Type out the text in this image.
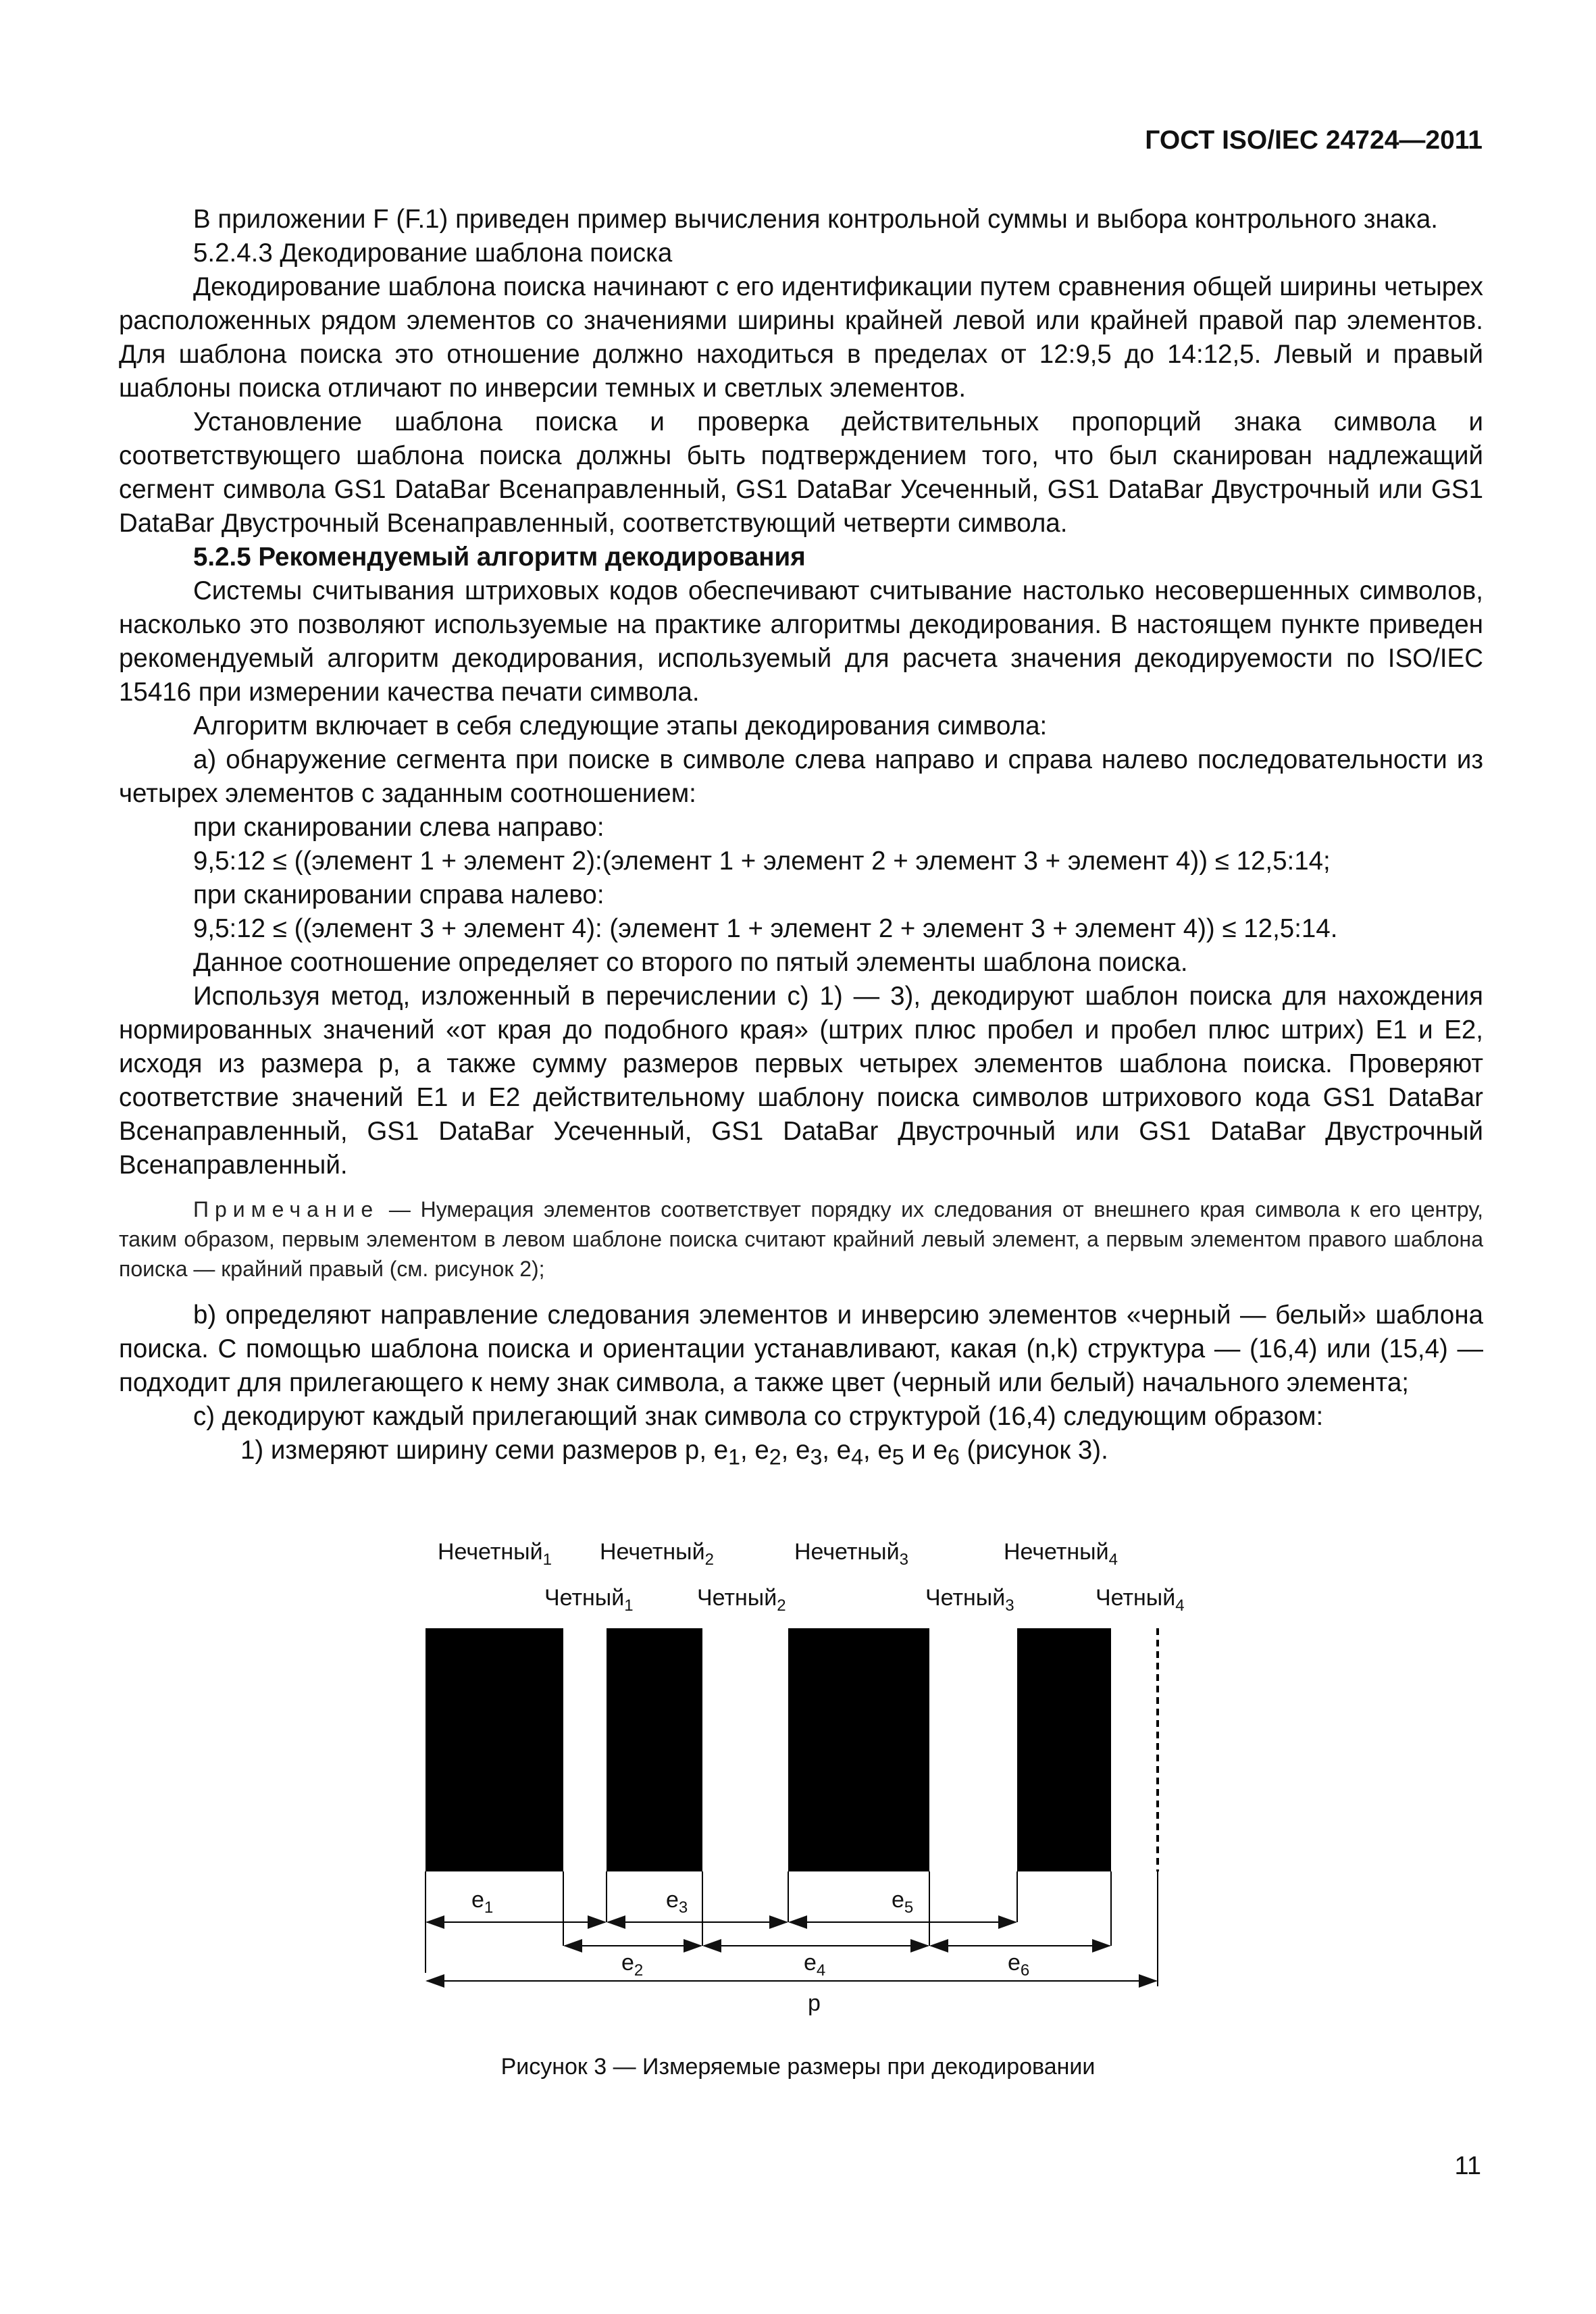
ГОСТ ISO/IEC 24724—2011

В приложении F (F.1) приведен пример вычисления контрольной суммы и выбора контрольного знака.

5.2.4.3 Декодирование шаблона поиска

Декодирование шаблона поиска начинают с его идентификации путем сравнения общей ширины четырех расположенных рядом элементов со значениями ширины крайней левой или крайней правой пар элементов. Для шаблона поиска это отношение должно находиться в пределах от 12:9,5 до 14:12,5. Левый и правый шаблоны поиска отличают по инверсии темных и светлых элементов.

Установление шаблона поиска и проверка действительных пропорций знака символа и соответствующего шаблона поиска должны быть подтверждением того, что был сканирован надлежащий сегмент символа GS1 DataBar Всенаправленный, GS1 DataBar Усеченный, GS1 DataBar Двустрочный или GS1 DataBar Двустрочный Всенаправленный, соответствующий четверти символа.

5.2.5 Рекомендуемый алгоритм декодирования

Системы считывания штриховых кодов обеспечивают считывание настолько несовершенных символов, насколько это позволяют используемые на практике алгоритмы декодирования. В настоящем пункте приведен рекомендуемый алгоритм декодирования, используемый для расчета значения декодируемости по ISO/IEC 15416 при измерении качества печати символа.

Алгоритм включает в себя следующие этапы декодирования символа:

а) обнаружение сегмента при поиске в символе слева направо и справа налево последовательности из четырех элементов с заданным соотношением:

при сканировании слева направо:

9,5:12 ≤ ((элемент 1 + элемент 2):(элемент 1 + элемент 2 + элемент 3 + элемент 4)) ≤ 12,5:14;

при сканировании справа налево:

9,5:12 ≤ ((элемент 3 + элемент 4): (элемент 1 + элемент 2 + элемент 3 + элемент 4)) ≤ 12,5:14.

Данное соотношение определяет со второго по пятый элементы шаблона поиска.

Используя метод, изложенный в перечислении с) 1) — 3), декодируют шаблон поиска для нахождения нормированных значений «от края до подобного края» (штрих плюс пробел и пробел плюс штрих) E1 и E2, исходя из размера p, а также сумму размеров первых четырех элементов шаблона поиска. Проверяют соответствие значений E1 и E2 действительному шаблону поиска символов штрихового кода GS1 DataBar Всенаправленный, GS1 DataBar Усеченный, GS1 DataBar Двустрочный или GS1 DataBar Двустрочный Всенаправленный.

Примечание — Нумерация элементов соответствует порядку их следования от внешнего края символа к его центру, таким образом, первым элементом в левом шаблоне поиска считают крайний левый элемент, а первым элементом правого шаблона поиска — крайний правый (см. рисунок 2);

b) определяют направление следования элементов и инверсию элементов «черный — белый» шаблона поиска. С помощью шаблона поиска и ориентации устанавливают, какая (n,k) структура — (16,4) или (15,4) — подходит для прилегающего к нему знак символа, а также цвет (черный или белый) начального элемента;

с) декодируют каждый прилегающий знак символа со структурой (16,4) следующим образом:

1) измеряют ширину семи размеров p, $e_1$, $e_2$, $e_3$, $e_4$, $e_5$ и $e_6$ (рисунок 3).

Нечетный$_1$ Нечетный$_2$	Нечетный$_3$	Нечетный$_4$
Четный$_1$	Четный$_2$	Четный$_3$	Четный$_4$
$e_1$	$e_3$	$e_5$
$e_2$	$e_4$	$e_6$
p
Рисунок 3 — Измеряемые размеры при декодировании
11
